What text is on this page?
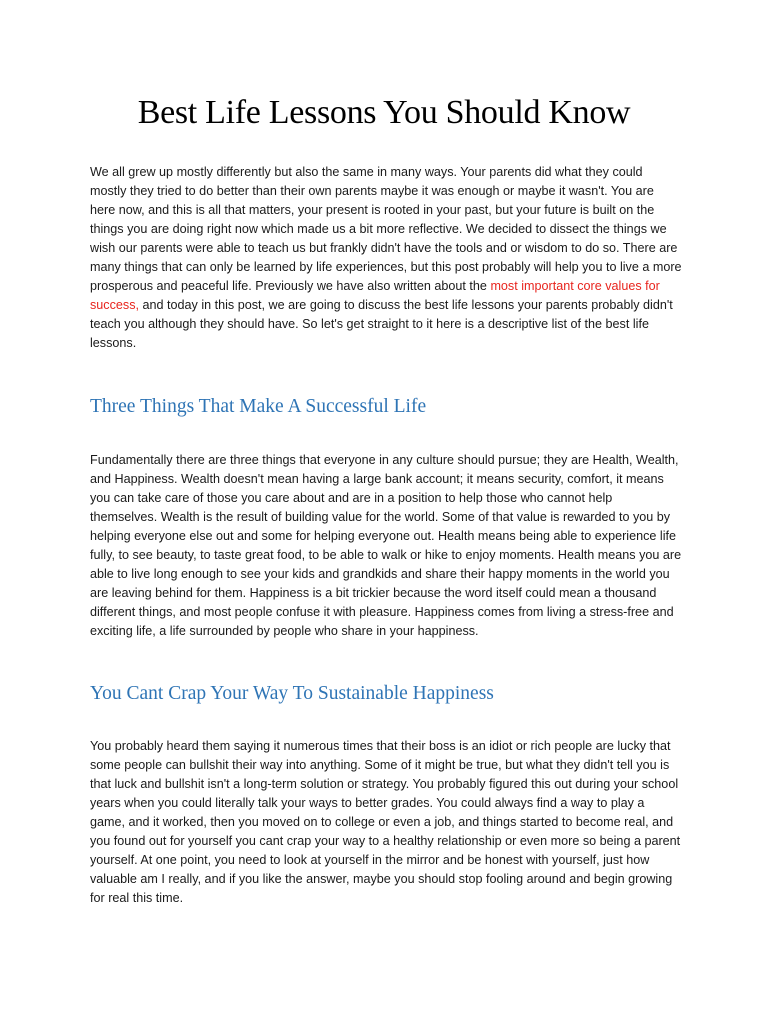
Best Life Lessons You Should Know

We all grew up mostly differently but also the same in many ways. Your parents did what they could mostly they tried to do better than their own parents maybe it was enough or maybe it wasn't. You are here now, and this is all that matters, your present is rooted in your past, but your future is built on the things you are doing right now which made us a bit more reflective. We decided to dissect the things we wish our parents were able to teach us but frankly didn't have the tools and or wisdom to do so. There are many things that can only be learned by life experiences, but this post probably will help you to live a more prosperous and peaceful life. Previously we have also written about the most important core values for success, and today in this post, we are going to discuss the best life lessons your parents probably didn't teach you although they should have. So let's get straight to it here is a descriptive list of the best life lessons.

Three Things That Make A Successful Life

Fundamentally there are three things that everyone in any culture should pursue; they are Health, Wealth, and Happiness. Wealth doesn't mean having a large bank account; it means security, comfort, it means you can take care of those you care about and are in a position to help those who cannot help themselves. Wealth is the result of building value for the world. Some of that value is rewarded to you by helping everyone else out and some for helping everyone out. Health means being able to experience life fully, to see beauty, to taste great food, to be able to walk or hike to enjoy moments. Health means you are able to live long enough to see your kids and grandkids and share their happy moments in the world you are leaving behind for them. Happiness is a bit trickier because the word itself could mean a thousand different things, and most people confuse it with pleasure. Happiness comes from living a stress-free and exciting life, a life surrounded by people who share in your happiness.

You Cant Crap Your Way To Sustainable Happiness

You probably heard them saying it numerous times that their boss is an idiot or rich people are lucky that some people can bullshit their way into anything. Some of it might be true, but what they didn't tell you is that luck and bullshit isn't a long-term solution or strategy. You probably figured this out during your school years when you could literally talk your ways to better grades. You could always find a way to play a game, and it worked, then you moved on to college or even a job, and things started to become real, and you found out for yourself you cant crap your way to a healthy relationship or even more so being a parent yourself. At one point, you need to look at yourself in the mirror and be honest with yourself, just how valuable am I really, and if you like the answer, maybe you should stop fooling around and begin growing for real this time.
